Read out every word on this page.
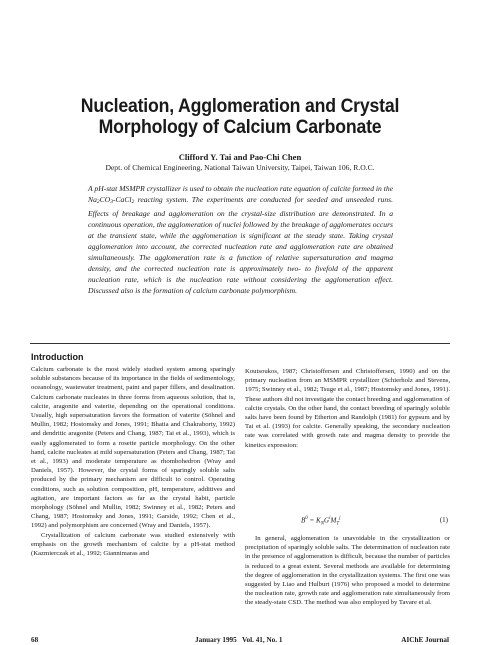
Nucleation, Agglomeration and Crystal
Morphology of Calcium Carbonate
Clifford Y. Tai and Pao-Chi Chen
Dept. of Chemical Engineering, National Taiwan University, Taipei, Taiwan 106, R.O.C.
A pH-stat MSMPR crystallizer is used to obtain the nucleation rate equation of calcite formed in the Na2CO3-CaCl2 reacting system. The experiments are conducted for seeded and unseeded runs. Effects of breakage and agglomeration on the crystal-size distribution are demonstrated. In a continuous operation, the agglomeration of nuclei followed by the breakage of agglomerates occurs at the transient state, while the agglomeration is significant at the steady state. Taking crystal agglomeration into account, the corrected nucleation rate and agglomeration rate are obtained simultaneously. The agglomeration rate is a function of relative supersaturation and magma density, and the corrected nucleation rate is approximately two- to fivefold of the apparent nucleation rate, which is the nucleation rate without considering the agglomeration effect. Discussed also is the formation of calcium carbonate polymorphism.
Introduction

Calcium carbonate is the most widely studied system among sparingly soluble substances because of its importance in the fields of sedimentology, oceanology, wastewater treatment, paint and paper fillers, and desalination. Calcium carbonate nucleates in three forms from aqueous solution, that is, calcite, aragonite and vaterite, depending on the operational conditions. Usually, high supersaturation favors the formation of vaterite (Söhnel and Mullin, 1982; Hostomsky and Jones, 1991; Bhatia and Chakraborty, 1992) and dendritic aragonite (Peters and Chang, 1987; Tai et al., 1993), which is easily agglomerated to form a rosette particle morphology. On the other hand, calcite nucleates at mild supersaturation (Peters and Chang, 1987; Tai et al., 1993) and moderate temperature as rhombohedron (Wray and Daniels, 1957). However, the crystal forms of sparingly soluble salts produced by the primary mechanism are difficult to control. Operating conditions, such as solution composition, pH, temperature, additives and agitation, are important factors as far as the crystal habit, particle morphology (Söhnel and Mullin, 1982; Swinney et al., 1982; Peters and Chang, 1987; Hostomsky and Jones, 1991; Garside, 1992; Chen et al., 1992) and polymorphism are concerned (Wray and Daniels, 1957).

Crystallization of calcium carbonate was studied extensively with emphasis on the growth mechanism of calcite by a pH-stat method (Kazmierczak et al., 1992; Giannimaras and

Koutsoukos, 1987; Christoffersen and Christoffersen, 1990) and on the primary nucleation from an MSMPR crystallizer (Schierholz and Stevens, 1975; Swinney et al., 1982; Tsuge et al., 1987; Hostomsky and Jones, 1991). These authors did not investigate the contact breeding and agglomeration of calcite crystals. On the other hand, the contact breeding of sparingly soluble salts have been found by Etherton and Randolph (1981) for gypsum and by Tai et al. (1993) for calcite. Generally speaking, the secondary nucleation rate was correlated with growth rate and magma density to provide the kinetics expression:

$B^0 = K_NG^iM_T^j$	(1)

In general, agglomeration is unavoidable in the crystallization or precipitation of sparingly soluble salts. The determination of nucleation rate in the presence of agglomeration is difficult, because the number of particles is reduced to a great extent. Several methods are available for determining the degree of agglomeration in the crystallization systems. The first one was suggested by Liao and Hulburt (1976) who proposed a model to determine the nucleation rate, growth rate and agglomeration rate simultaneously from the steady-state CSD. The method was also employed by Tavare et al.

68	January 1995   Vol. 41, No. 1	AIChE Journal
